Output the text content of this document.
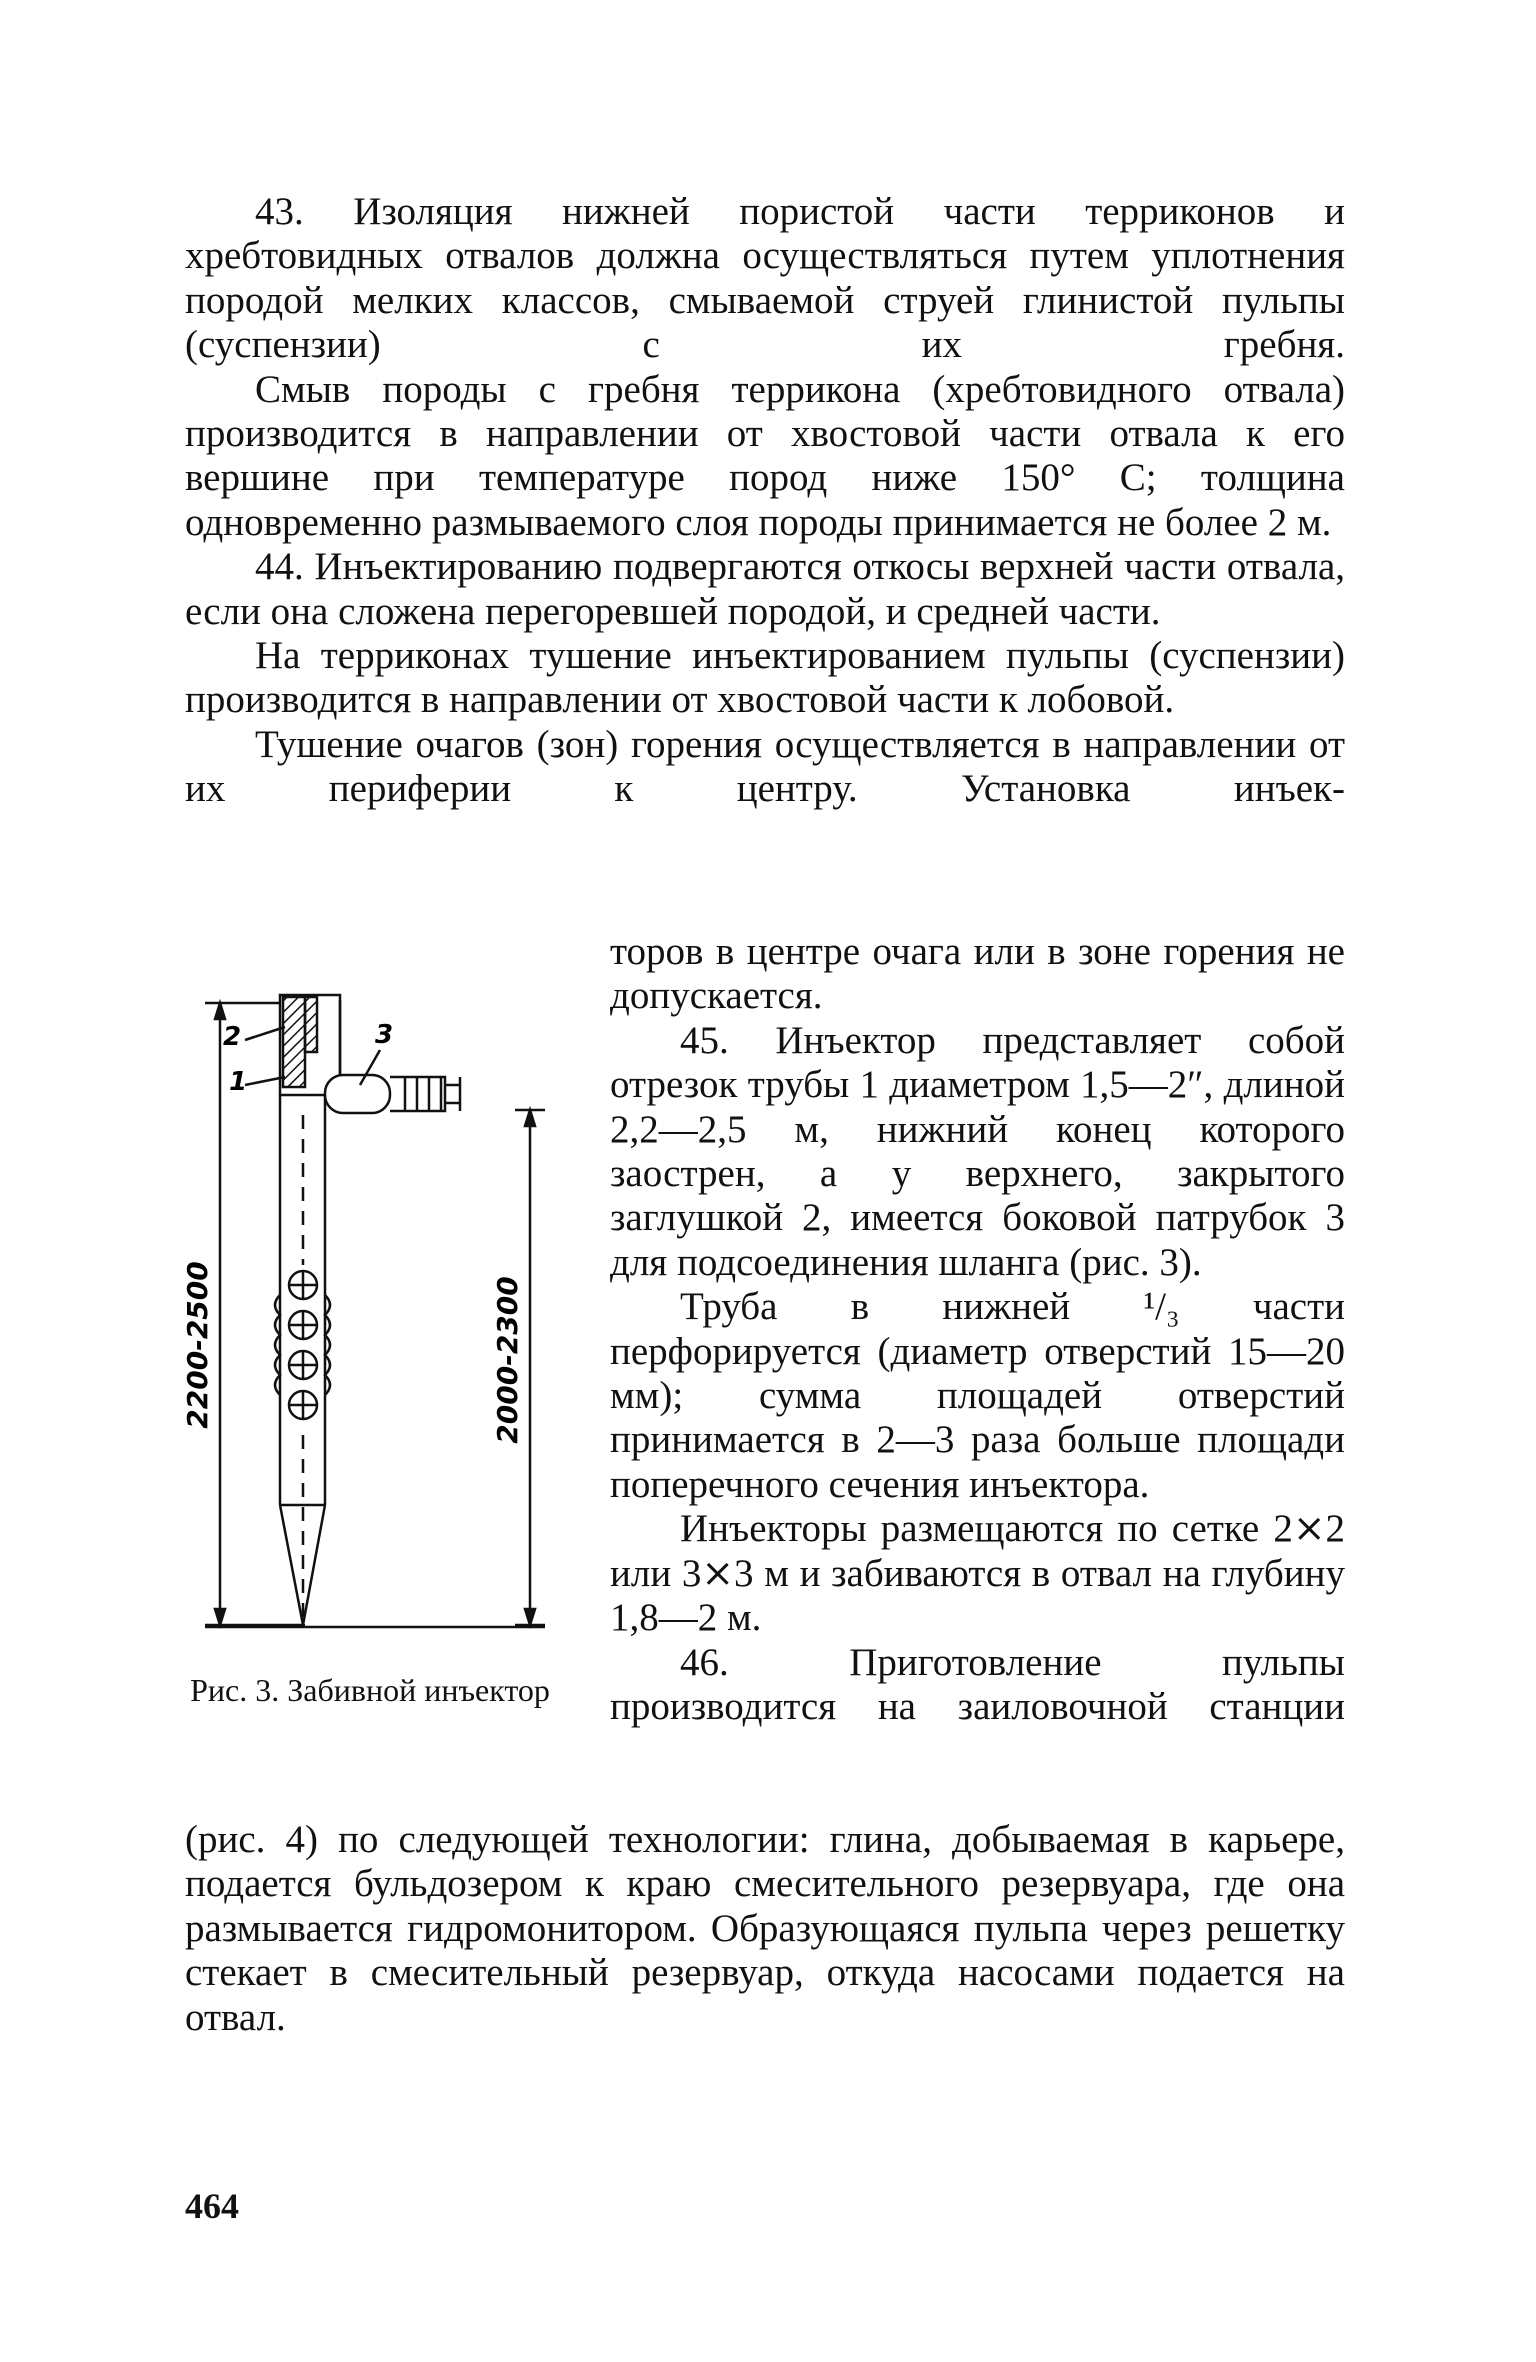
43. Изоляция нижней пористой части терриконов и хребтовидных отвалов должна осуществляться путем уплотнения породой мелких классов, смываемой струей глинистой пульпы (суспензии) с их гребня.

Смыв породы с гребня террикона (хребтовидного отвала) производится в направлении от хвостовой части отвала к его вершине при температуре пород ниже 150° С; толщина одновременно размываемого слоя породы принимается не более 2 м.

44. Инъектированию подвергаются откосы верхней части отвала, если она сложена перегоревшей породой, и средней части.

На терриконах тушение инъектированием пульпы (суспензии) производится в направлении от хвостовой части к лобовой.

Тушение очагов (зон) горения осуществляется в направлении от их периферии к центру. Установка инъек-

2
1
3
2200-2500	2000-2300
Рис. 3. Забивной инъектор

торов в центре очага или в зоне горения не допускается.

45. Инъектор представляет собой отрезок трубы 1 диаметром 1,5—2″, длиной 2,2—2,5 м, нижний конец которого заострен, а у верхнего, закрытого заглушкой 2, имеется боковой патрубок 3 для подсоединения шланга (рис. 3).

Труба в нижней ¹/₃ части перфорируется (диаметр отверстий 15—20 мм); сумма площадей отверстий принимается в 2—3 раза больше площади поперечного сечения инъектора.

Инъекторы размещаются по сетке 2⨯2 или 3⨯3 м и забиваются в отвал на глубину 1,8—2 м.

46. Приготовление пульпы производится на заиловочной станции

(рис. 4) по следующей технологии: глина, добываемая в карьере, подается бульдозером к краю смесительного резервуара, где она размывается гидромонитором. Образующаяся пульпа через решетку стекает в смесительный резервуар, откуда насосами подается на отвал.

464
